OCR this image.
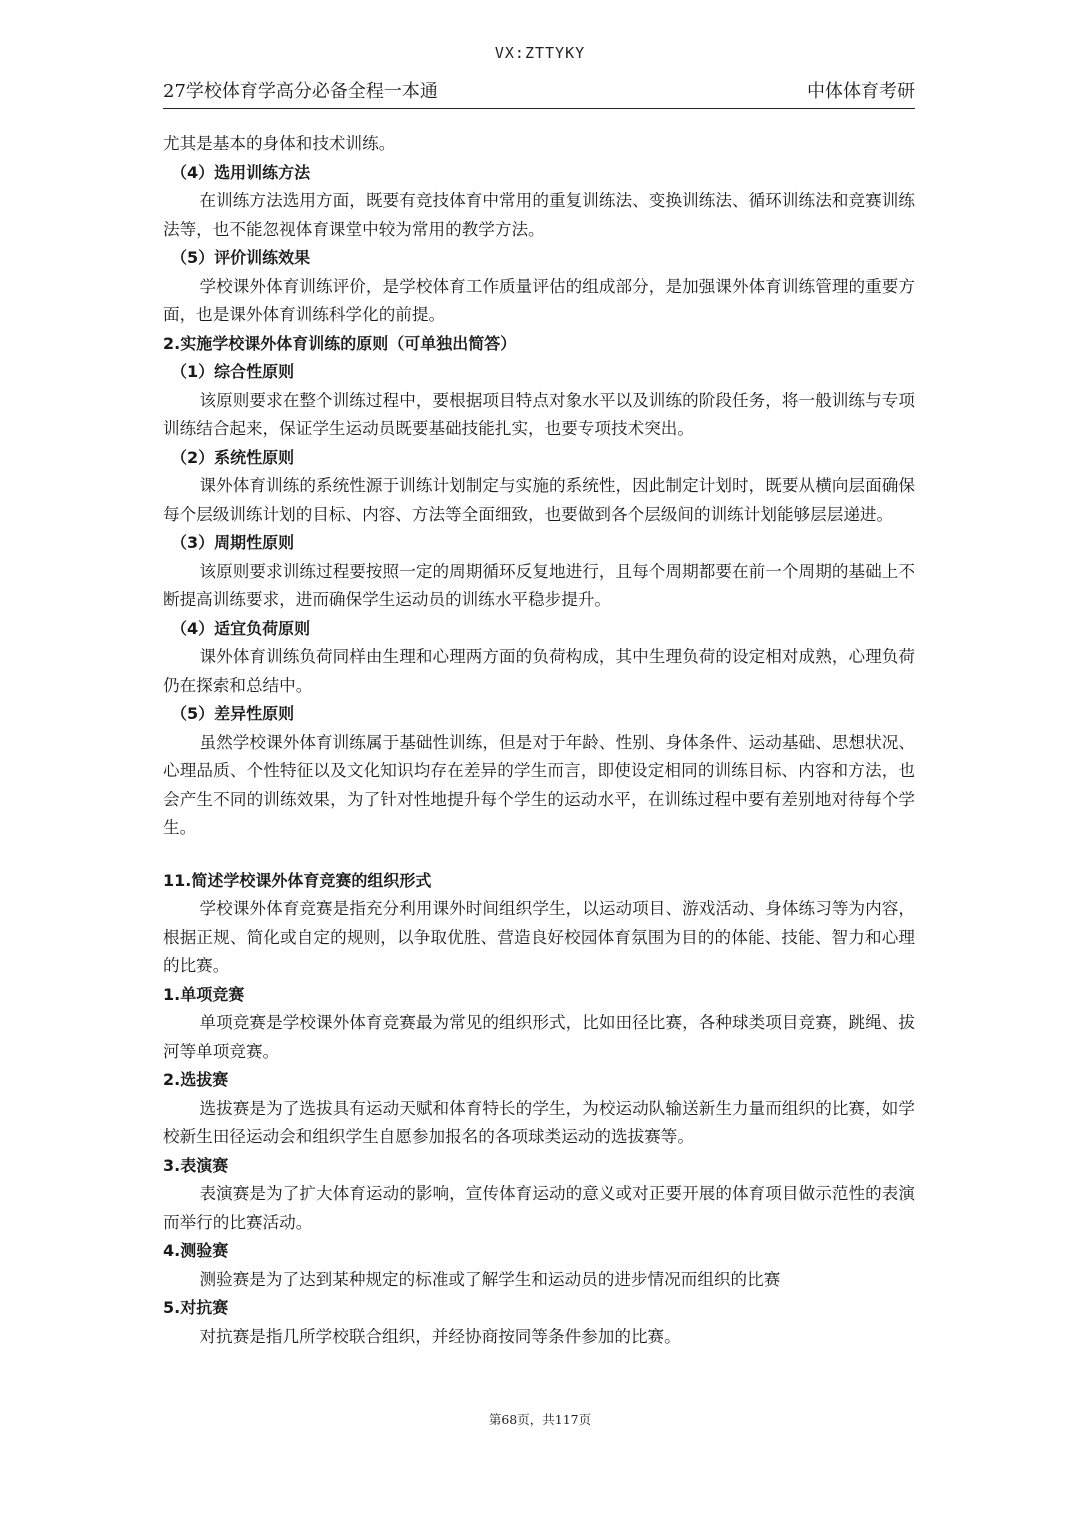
VX:ZTTYKY
27学校体育学高分必备全程一本通	中体体育考研

尤其是基本的身体和技术训练。

（4）选用训练方法

在训练方法选用方面，既要有竞技体育中常用的重复训练法、变换训练法、循环训练法和竞赛训练法等，也不能忽视体育课堂中较为常用的教学方法。

（5）评价训练效果

学校课外体育训练评价，是学校体育工作质量评估的组成部分，是加强课外体育训练管理的重要方面，也是课外体育训练科学化的前提。

2.实施学校课外体育训练的原则（可单独出简答）
（1）综合性原则

该原则要求在整个训练过程中，要根据项目特点对象水平以及训练的阶段任务，将一般训练与专项训练结合起来，保证学生运动员既要基础技能扎实，也要专项技术突出。

（2）系统性原则

课外体育训练的系统性源于训练计划制定与实施的系统性，因此制定计划时，既要从横向层面确保每个层级训练计划的目标、内容、方法等全面细致，也要做到各个层级间的训练计划能够层层递进。

（3）周期性原则

该原则要求训练过程要按照一定的周期循环反复地进行，且每个周期都要在前一个周期的基础上不断提高训练要求，进而确保学生运动员的训练水平稳步提升。

（4）适宜负荷原则

课外体育训练负荷同样由生理和心理两方面的负荷构成，其中生理负荷的设定相对成熟，心理负荷仍在探索和总结中。

（5）差异性原则

虽然学校课外体育训练属于基础性训练，但是对于年龄、性别、身体条件、运动基础、思想状况、心理品质、个性特征以及文化知识均存在差异的学生而言，即使设定相同的训练目标、内容和方法，也会产生不同的训练效果，为了针对性地提升每个学生的运动水平，在训练过程中要有差别地对待每个学生。

11.简述学校课外体育竞赛的组织形式

学校课外体育竞赛是指充分利用课外时间组织学生，以运动项目、游戏活动、身体练习等为内容，根据正规、简化或自定的规则，以争取优胜、营造良好校园体育氛围为目的的体能、技能、智力和心理的比赛。

1.单项竞赛

单项竞赛是学校课外体育竞赛最为常见的组织形式，比如田径比赛，各种球类项目竞赛，跳绳、拔河等单项竞赛。

2.选拔赛

选拔赛是为了选拔具有运动天赋和体育特长的学生，为校运动队输送新生力量而组织的比赛，如学校新生田径运动会和组织学生自愿参加报名的各项球类运动的选拔赛等。

3.表演赛

表演赛是为了扩大体育运动的影响，宣传体育运动的意义或对正要开展的体育项目做示范性的表演而举行的比赛活动。

4.测验赛

测验赛是为了达到某种规定的标准或了解学生和运动员的进步情况而组织的比赛

5.对抗赛

对抗赛是指几所学校联合组织，并经协商按同等条件参加的比赛。

第68页，共117页
